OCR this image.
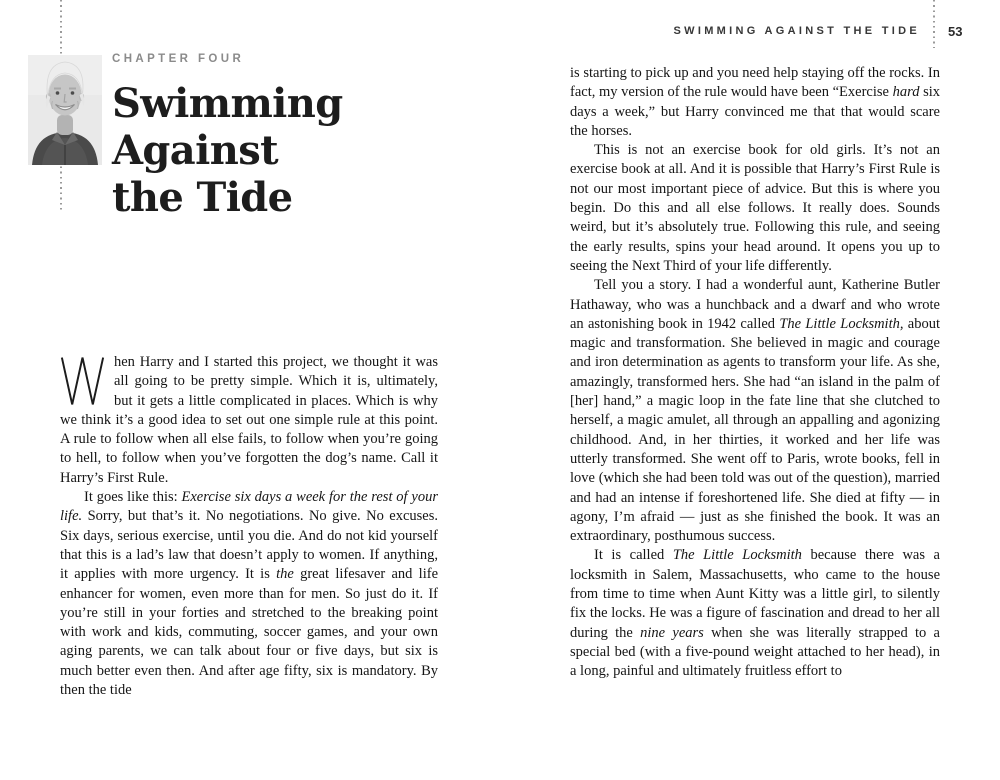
CHAPTER FOUR
Swimming
Against
the Tide

hen Harry and I started this project, we thought it was all going to be pretty simple. Which it is, ultimately, but it gets a little complicated in places. Which is why we think it’s a good idea to set out one simple rule at this point. A rule to follow when all else fails, to follow when you’re going to hell, to follow when you’ve forgotten the dog’s name. Call it Harry’s First Rule.

It goes like this: Exercise six days a week for the rest of your life. Sorry, but that’s it. No negotiations. No give. No excuses. Six days, serious exercise, until you die. And do not kid yourself that this is a lad’s law that doesn’t apply to women. If anything, it applies with more urgency. It is the great lifesaver and life enhancer for women, even more than for men. So just do it. If you’re still in your forties and stretched to the breaking point with work and kids, commuting, soccer games, and your own aging parents, we can talk about four or five days, but six is much better even then. And after age fifty, six is mandatory. By then the tide

SWIMMING AGAINST THE TIDE 53

is starting to pick up and you need help staying off the rocks. In fact, my version of the rule would have been “Exercise hard six days a week,” but Harry convinced me that that would scare the horses.

This is not an exercise book for old girls. It’s not an exercise book at all. And it is possible that Harry’s First Rule is not our most important piece of advice. But this is where you begin. Do this and all else follows. It really does. Sounds weird, but it’s absolutely true. Following this rule, and seeing the early results, spins your head around. It opens you up to seeing the Next Third of your life differently.

Tell you a story. I had a wonderful aunt, Katherine Butler Hathaway, who was a hunchback and a dwarf and who wrote an astonishing book in 1942 called The Little Locksmith, about magic and transformation. She believed in magic and courage and iron determination as agents to transform your life. As she, amazingly, transformed hers. She had “an island in the palm of [her] hand,” a magic loop in the fate line that she clutched to herself, a magic amulet, all through an appalling and agonizing childhood. And, in her thirties, it worked and her life was utterly transformed. She went off to Paris, wrote books, fell in love (which she had been told was out of the question), married and had an intense if foreshortened life. She died at fifty — in agony, I’m afraid — just as she finished the book. It was an extraordinary, posthumous success.

It is called The Little Locksmith because there was a locksmith in Salem, Massachusetts, who came to the house from time to time when Aunt Kitty was a little girl, to silently fix the locks. He was a figure of fascination and dread to her all during the nine years when she was literally strapped to a special bed (with a five-pound weight attached to her head), in a long, painful and ultimately fruitless effort to
